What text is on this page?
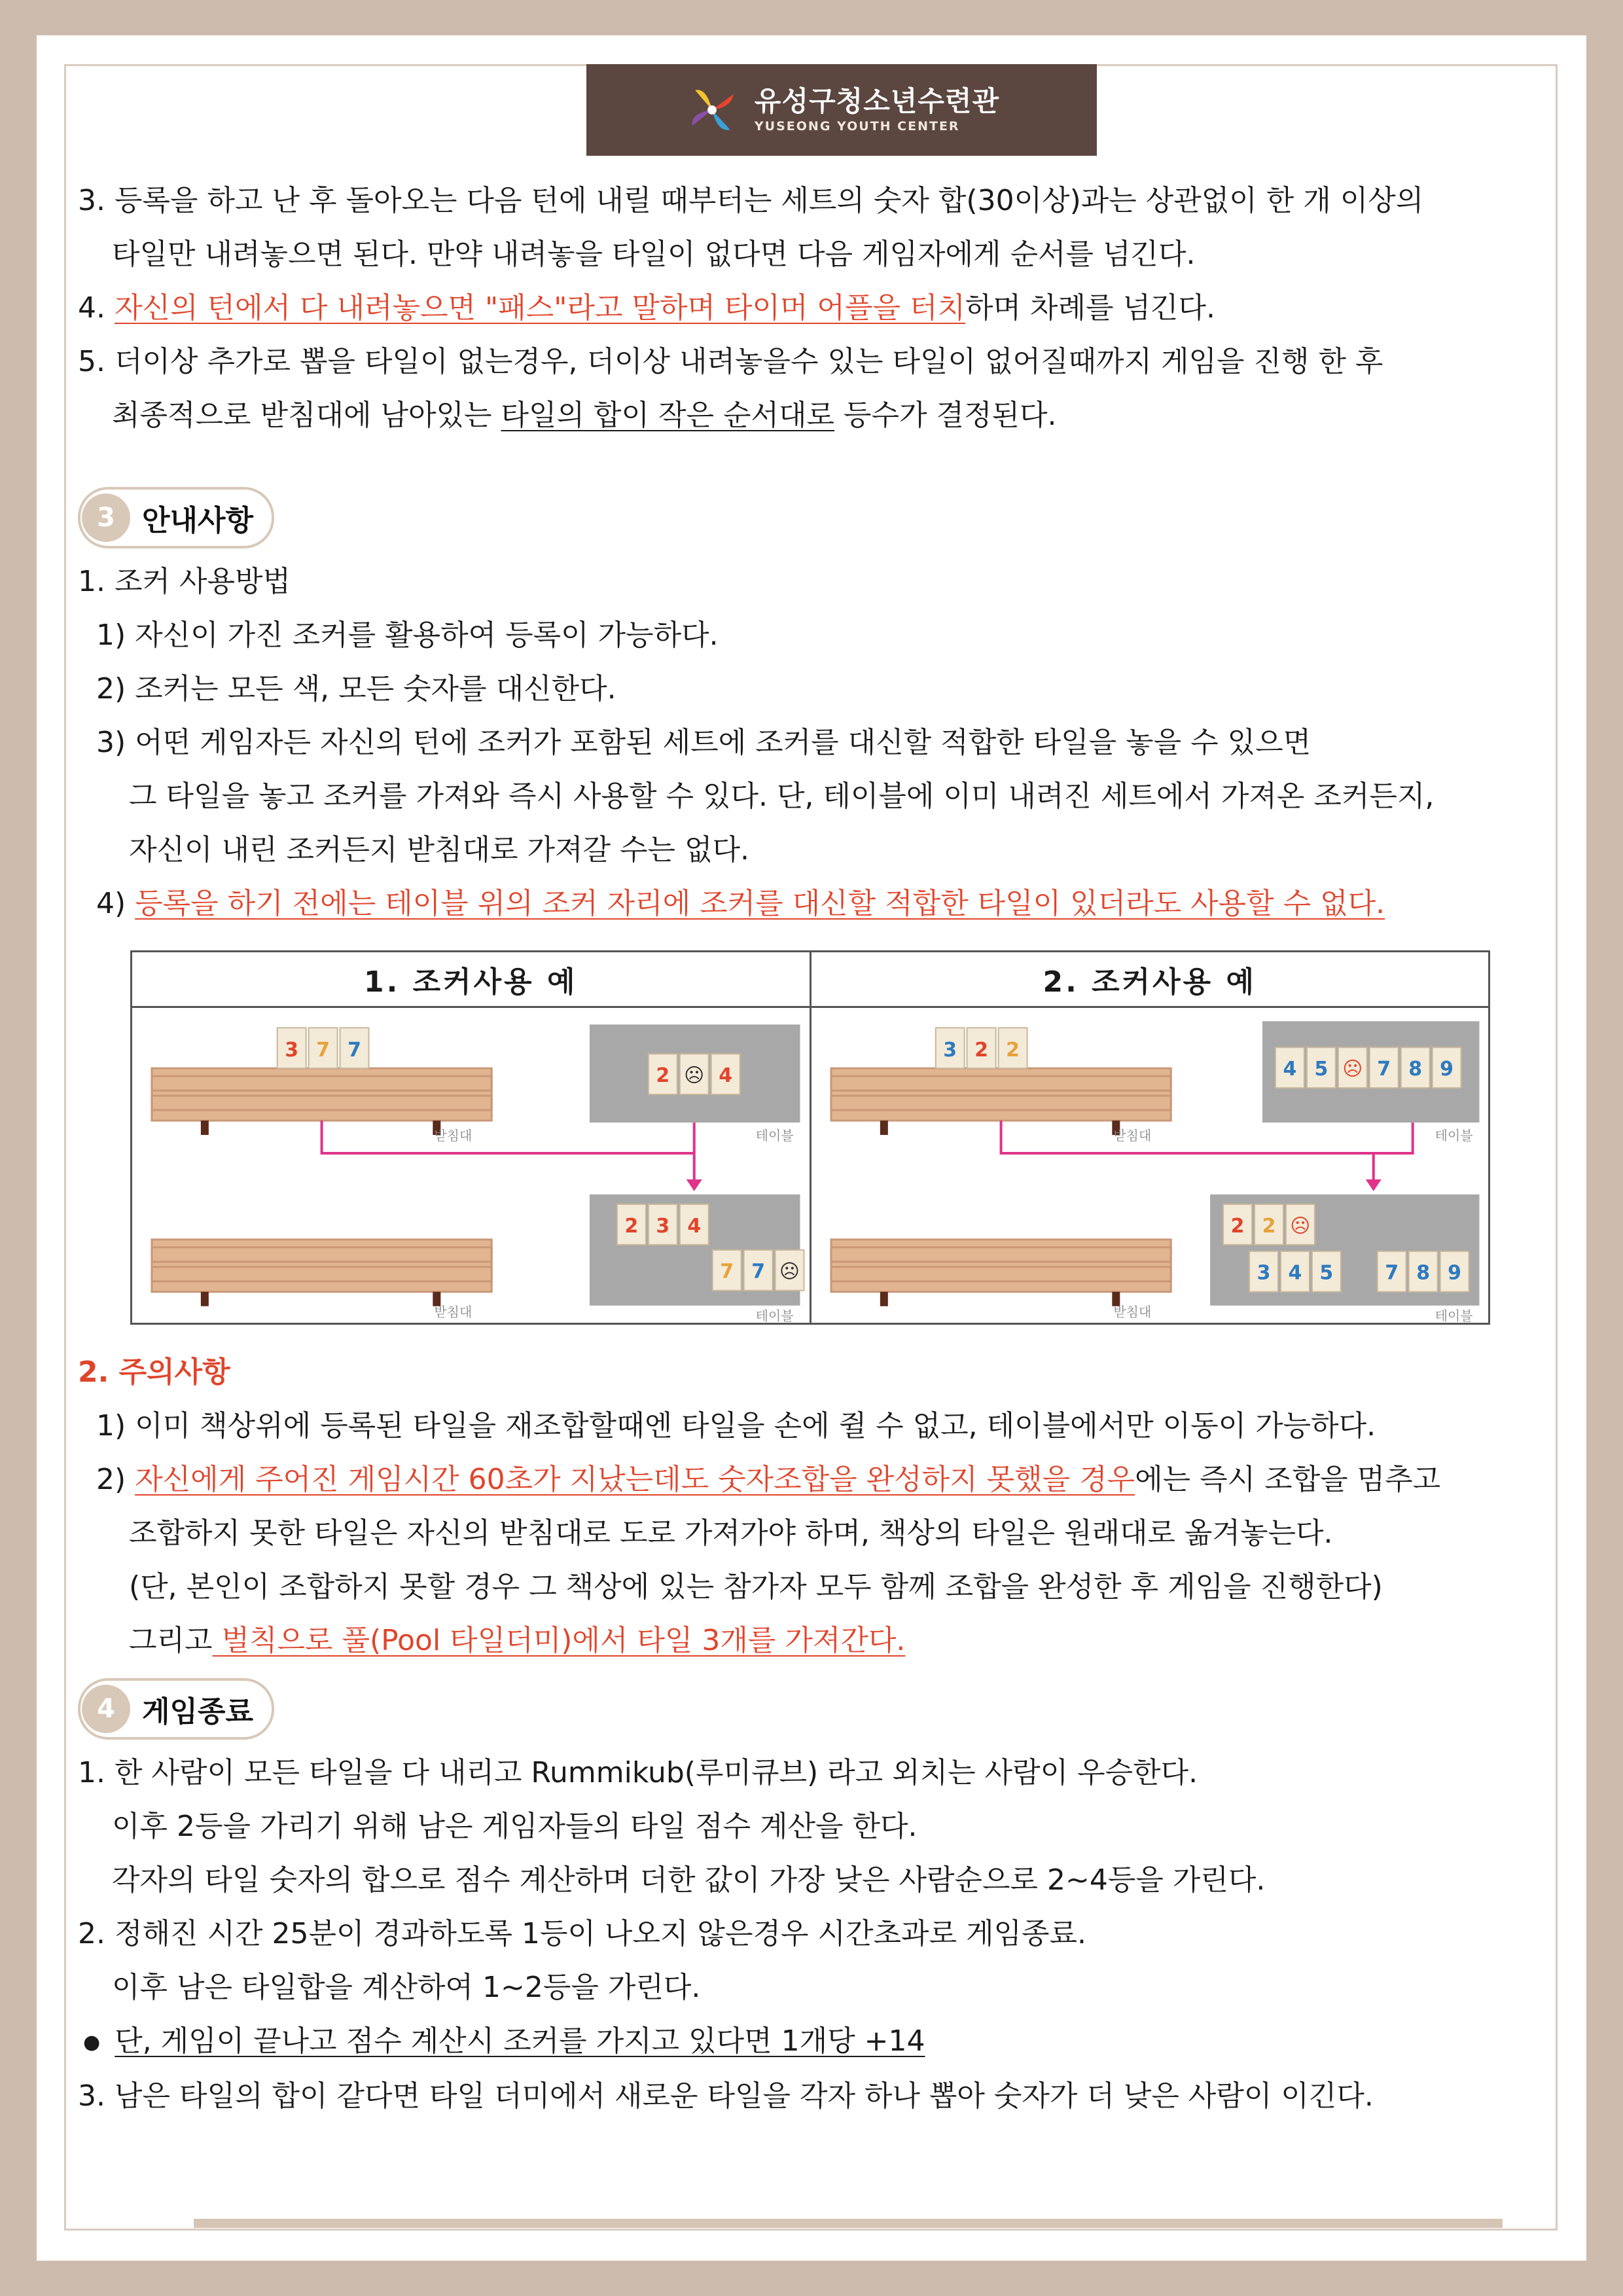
유성구청소년수련관
YUSEONG YOUTH CENTER
3. 등록을 하고 난 후 돌아오는 다음 턴에 내릴 때부터는 세트의 숫자 합(30이상)과는 상관없이 한 개 이상의
타일만 내려놓으면 된다. 만약 내려놓을 타일이 없다면 다음 게임자에게 순서를 넘긴다.
4. 자신의 턴에서 다 내려놓으면 "패스"라고 말하며 타이머 어플을 터치하며 차례를 넘긴다.
5. 더이상 추가로 뽑을 타일이 없는경우, 더이상 내려놓을수 있는 타일이 없어질때까지 게임을 진행 한 후
최종적으로 받침대에 남아있는 타일의 합이 작은 순서대로 등수가 결정된다.
3 안내사항
1. 조커 사용방법
1) 자신이 가진 조커를 활용하여 등록이 가능하다.
2) 조커는 모든 색, 모든 숫자를 대신한다.
3) 어떤 게임자든 자신의 턴에 조커가 포함된 세트에 조커를 대신할 적합한 타일을 놓을 수 있으면
그 타일을 놓고 조커를 가져와 즉시 사용할 수 있다. 단, 테이블에 이미 내려진 세트에서 가져온 조커든지,
자신이 내린 조커든지 받침대로 가져갈 수는 없다.
4) 등록을 하기 전에는 테이블 위의 조커 자리에 조커를 대신할 적합한 타일이 있더라도 사용할 수 없다.
1. 조커사용 예
3 7 7
받침대
2 ☹ 4
테이블
받침대
2 3 4
7 7 ☹
테이블
2. 조커사용 예
3 2 2
받침대
4 5 ☹ 7 8 9
테이블
받침대
2 2 ☹
3 4 5	7 8 9
테이블
2. 주의사항
1) 이미 책상위에 등록된 타일을 재조합할때엔 타일을 손에 쥘 수 없고, 테이블에서만 이동이 가능하다.
2) 자신에게 주어진 게임시간 60초가 지났는데도 숫자조합을 완성하지 못했을 경우에는 즉시 조합을 멈추고
조합하지 못한 타일은 자신의 받침대로 도로 가져가야 하며, 책상의 타일은 원래대로 옮겨놓는다.
(단, 본인이 조합하지 못할 경우 그 책상에 있는 참가자 모두 함께 조합을 완성한 후 게임을 진행한다)
그리고 벌칙으로 풀(Pool 타일더미)에서 타일 3개를 가져간다.
4 게임종료
1. 한 사람이 모든 타일을 다 내리고 Rummikub(루미큐브) 라고 외치는 사람이 우승한다.
이후 2등을 가리기 위해 남은 게임자들의 타일 점수 계산을 한다.
각자의 타일 숫자의 합으로 점수 계산하며 더한 값이 가장 낮은 사람순으로 2~4등을 가린다.
2. 정해진 시간 25분이 경과하도록 1등이 나오지 않은경우 시간초과로 게임종료.
이후 남은 타일합을 계산하여 1~2등을 가린다.
● 단, 게임이 끝나고 점수 계산시 조커를 가지고 있다면 1개당 +14
3. 남은 타일의 합이 같다면 타일 더미에서 새로운 타일을 각자 하나 뽑아 숫자가 더 낮은 사람이 이긴다.
